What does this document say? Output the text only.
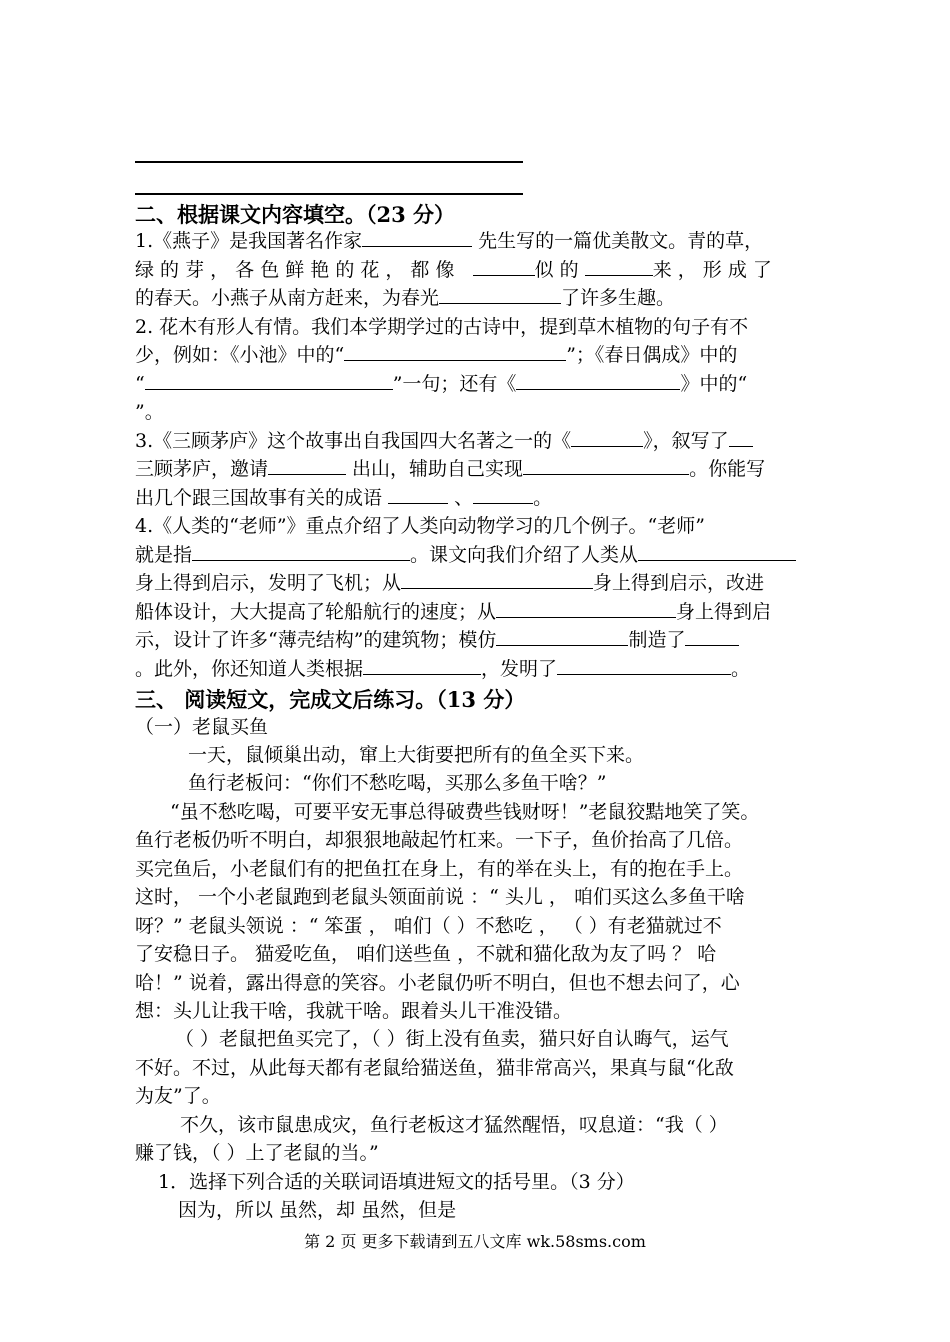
二、根据课文内容填空。（23 分）
1.《燕子》是我国著名作家	先生写的一篇优美散文。青的草，
绿 的 芽 ， 各 色 鲜 艳 的 花 ， 都 像	似 的	来 ， 形 成 了
的春天。小燕子从南方赶来，为春光	了许多生趣。
2. 花木有形人有情。我们本学期学过的古诗中，提到草木植物的句子有不
少，例如：《小池》中的“	”；《春日偶成》中的
“	”一句；还有《	》中的“
”。
3.《三顾茅庐》这个故事出自我国四大名著之一的《	》，叙写了
三顾茅庐，邀请	出山，辅助自己实现	。你能写
出几个跟三国故事有关的成语	、	。
4.《人类的“老师”》重点介绍了人类向动物学习的几个例子。“老师”
就是指	。课文向我们介绍了人类从
身上得到启示，发明了飞机；从	身上得到启示，改进
船体设计，大大提高了轮船航行的速度；从	身上得到启
示，设计了许多“薄壳结构”的建筑物；模仿	制造了
。此外，你还知道人类根据	，发明了	。
三、 阅读短文，完成文后练习。（13 分）
（一）老鼠买鱼
一天，鼠倾巢出动，窜上大街要把所有的鱼全买下来。
鱼行老板问：“你们不愁吃喝，买那么多鱼干啥？”
“虽不愁吃喝，可要平安无事总得破费些钱财呀！”老鼠狡黠地笑了笑。
鱼行老板仍听不明白，却狠狠地敲起竹杠来。一下子，鱼价抬高了几倍。
买完鱼后，小老鼠们有的把鱼扛在身上，有的举在头上，有的抱在手上。
这时， 一个小老鼠跑到老鼠头领面前说 ：“ 头儿 ， 咱们买这么多鱼干啥
呀？” 老鼠头领说 ：“ 笨蛋 ， 咱们（ ）不愁吃 ， （ ）有老猫就过不
了安稳日子。 猫爱吃鱼， 咱们送些鱼 ，不就和猫化敌为友了吗 ？ 哈
哈！” 说着，露出得意的笑容。小老鼠仍听不明白，但也不想去问了，心
想：头儿让我干啥，我就干啥。跟着头儿干准没错。
（ ）老鼠把鱼买完了，（ ）街上没有鱼卖，猫只好自认晦气，运气
不好。不过，从此每天都有老鼠给猫送鱼，猫非常高兴，果真与鼠“化敌
为友”了。
不久，该市鼠患成灾，鱼行老板这才猛然醒悟，叹息道：“我（ ）
赚了钱，（ ）上了老鼠的当。”
1．选择下列合适的关联词语填进短文的括号里。（3 分）
因为，所以 虽然，却 虽然，但是
第 2 页 更多下载请到五八文库 wk.58sms.com
